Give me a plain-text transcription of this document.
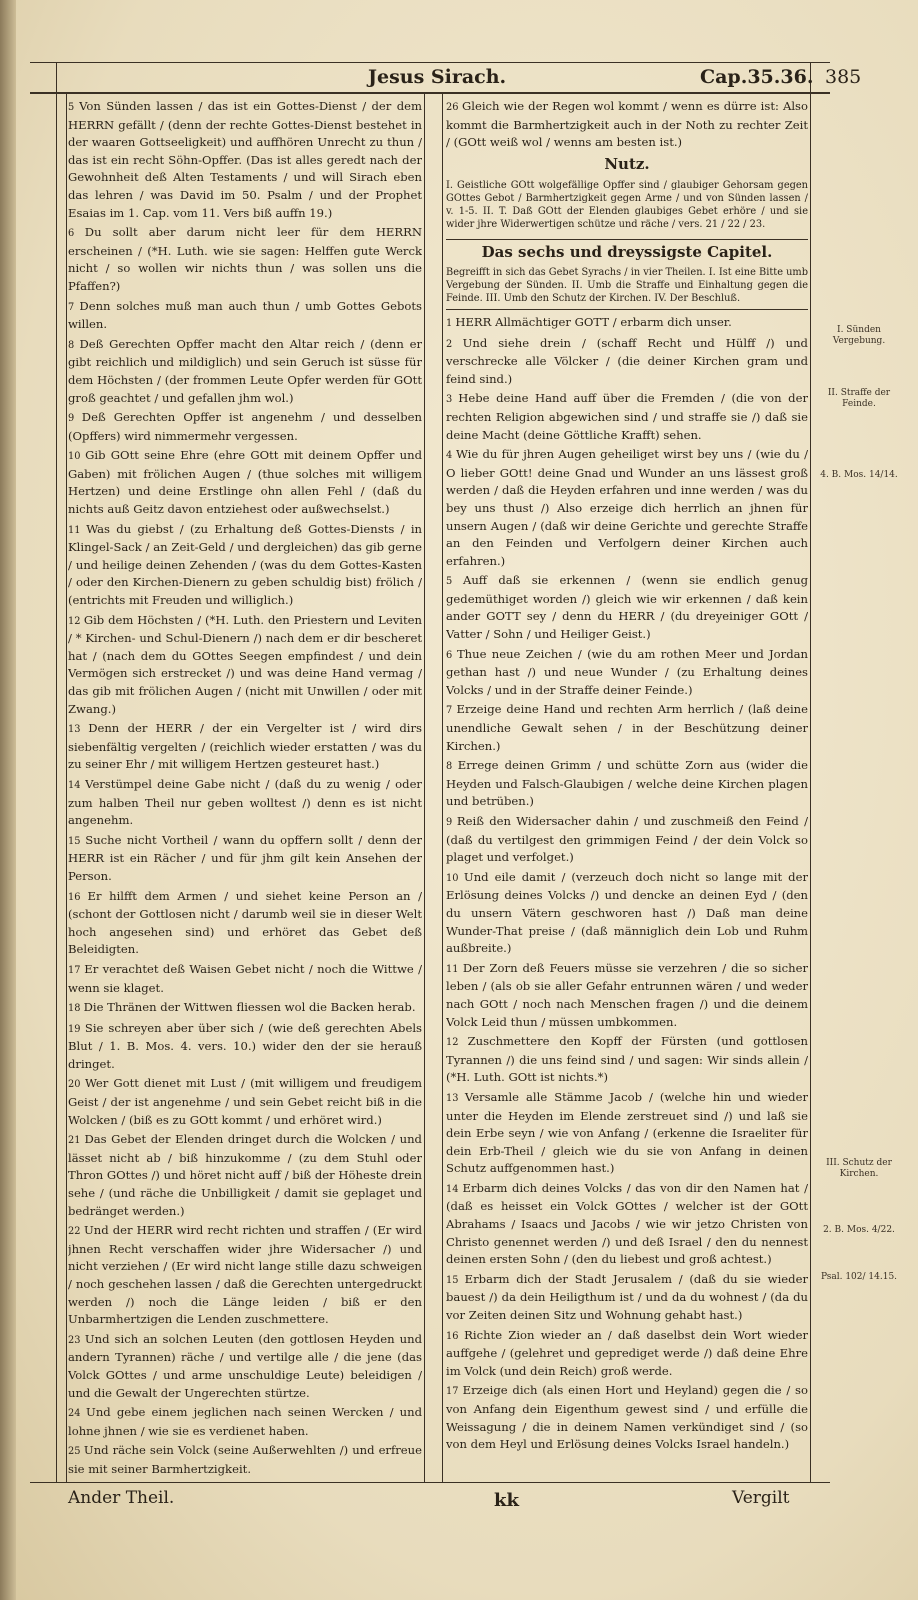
Jesus Sirach.	Cap.35.36. 385

5 Von Sünden lassen / das ist ein Gottes-Dienst / der dem HERRN gefällt / (denn der rechte Gottes-Dienst bestehet in der waaren Gottseeligkeit) und auffhören Unrecht zu thun / das ist ein recht Söhn-Opffer. (Das ist alles geredt nach der Gewohnheit deß Alten Testaments / und will Sirach eben das lehren / was David im 50. Psalm / und der Prophet Esaias im 1. Cap. vom 11. Vers biß auffn 19.)

6 Du sollt aber darum nicht leer für dem HERRN erscheinen / (*H. Luth. wie sie sagen: Helffen gute Werck nicht / so wollen wir nichts thun / was sollen uns die Pfaffen?)

7 Denn solches muß man auch thun / umb Gottes Gebots willen.

8 Deß Gerechten Opffer macht den Altar reich / (denn er gibt reichlich und mildiglich) und sein Geruch ist süsse für dem Höchsten / (der frommen Leute Opfer werden für GOtt groß geachtet / und gefallen jhm wol.)

9 Deß Gerechten Opffer ist angenehm / und desselben (Opffers) wird nimmermehr vergessen.

10 Gib GOtt seine Ehre (ehre GOtt mit deinem Opffer und Gaben) mit frölichen Augen / (thue solches mit willigem Hertzen) und deine Erstlinge ohn allen Fehl / (daß du nichts auß Geitz davon entziehest oder außwechselst.)

11 Was du giebst / (zu Erhaltung deß Gottes-Diensts / in Klingel-Sack / an Zeit-Geld / und dergleichen) das gib gerne / und heilige deinen Zehenden / (was du dem Gottes-Kasten / oder den Kirchen-Dienern zu geben schuldig bist) frölich / (entrichts mit Freuden und williglich.)

12 Gib dem Höchsten / (*H. Luth. den Priestern und Leviten / * Kirchen- und Schul-Dienern /) nach dem er dir bescheret hat / (nach dem du GOttes Seegen empfindest / und dein Vermögen sich erstrecket /) und was deine Hand vermag / das gib mit frölichen Augen / (nicht mit Unwillen / oder mit Zwang.)

13 Denn der HERR / der ein Vergelter ist / wird dirs siebenfältig vergelten / (reichlich wieder erstatten / was du zu seiner Ehr / mit willigem Hertzen gesteuret hast.)

14 Verstümpel deine Gabe nicht / (daß du zu wenig / oder zum halben Theil nur geben wolltest /) denn es ist nicht angenehm.

15 Suche nicht Vortheil / wann du opffern sollt / denn der HERR ist ein Rächer / und für jhm gilt kein Ansehen der Person.

16 Er hilfft dem Armen / und siehet keine Person an / (schont der Gottlosen nicht / darumb weil sie in dieser Welt hoch angesehen sind) und erhöret das Gebet deß Beleidigten.

17 Er verachtet deß Waisen Gebet nicht / noch die Wittwe / wenn sie klaget.

18 Die Thränen der Wittwen fliessen wol die Backen herab.

19 Sie schreyen aber über sich / (wie deß gerechten Abels Blut / 1. B. Mos. 4. vers. 10.) wider den der sie herauß dringet.

20 Wer Gott dienet mit Lust / (mit willigem und freudigem Geist / der ist angenehme / und sein Gebet reicht biß in die Wolcken / (biß es zu GOtt kommt / und erhöret wird.)

21 Das Gebet der Elenden dringet durch die Wolcken / und lässet nicht ab / biß hinzukomme / (zu dem Stuhl oder Thron GOttes /) und höret nicht auff / biß der Höheste drein sehe / (und räche die Unbilligkeit / damit sie geplaget und bedränget werden.)

22 Und der HERR wird recht richten und straffen / (Er wird jhnen Recht verschaffen wider jhre Widersacher /) und nicht verziehen / (Er wird nicht lange stille dazu schweigen / noch geschehen lassen / daß die Gerechten untergedruckt werden /) noch die Länge leiden / biß er den Unbarmhertzigen die Lenden zuschmettere.

23 Und sich an solchen Leuten (den gottlosen Heyden und andern Tyrannen) räche / und vertilge alle / die jene (das Volck GOttes / und arme unschuldige Leute) beleidigen / und die Gewalt der Ungerechten stürtze.

24 Und gebe einem jeglichen nach seinen Wercken / und lohne jhnen / wie sie es verdienet haben.

25 Und räche sein Volck (seine Außerwehlten /) und erfreue sie mit seiner Barmhertzigkeit.

26 Gleich wie der Regen wol kommt / wenn es dürre ist: Also kommt die Barmhertzigkeit auch in der Noth zu rechter Zeit / (GOtt weiß wol / wenns am besten ist.)

Nutz.
I. Geistliche GOtt wolgefällige Opffer sind / glaubiger Gehorsam gegen GOttes Gebot / Barmhertzigkeit gegen Arme / und von Sünden lassen / v. 1-5. II. T. Daß GOtt der Elenden glaubiges Gebet erhöre / und sie wider jhre Widerwertigen schütze und räche / vers. 21 / 22 / 23.
Das sechs und dreyssigste Capitel.
Begreifft in sich das Gebet Syrachs / in vier Theilen. I. Ist eine Bitte umb Vergebung der Sünden. II. Umb die Straffe und Einhaltung gegen die Feinde. III. Umb den Schutz der Kirchen. IV. Der Beschluß.

1 HERR Allmächtiger GOTT / erbarm dich unser.

2 Und siehe drein / (schaff Recht und Hülff /) und verschrecke alle Völcker / (die deiner Kirchen gram und feind sind.)

3 Hebe deine Hand auff über die Fremden / (die von der rechten Religion abgewichen sind / und straffe sie /) daß sie deine Macht (deine Göttliche Krafft) sehen.

4 Wie du für jhren Augen geheiliget wirst bey uns / (wie du / O lieber GOtt! deine Gnad und Wunder an uns lässest groß werden / daß die Heyden erfahren und inne werden / was du bey uns thust /) Also erzeige dich herrlich an jhnen für unsern Augen / (daß wir deine Gerichte und gerechte Straffe an den Feinden und Verfolgern deiner Kirchen auch erfahren.)

5 Auff daß sie erkennen / (wenn sie endlich genug gedemüthiget worden /) gleich wie wir erkennen / daß kein ander GOTT sey / denn du HERR / (du dreyeiniger GOtt / Vatter / Sohn / und Heiliger Geist.)

6 Thue neue Zeichen / (wie du am rothen Meer und Jordan gethan hast /) und neue Wunder / (zu Erhaltung deines Volcks / und in der Straffe deiner Feinde.)

7 Erzeige deine Hand und rechten Arm herrlich / (laß deine unendliche Gewalt sehen / in der Beschützung deiner Kirchen.)

8 Errege deinen Grimm / und schütte Zorn aus (wider die Heyden und Falsch-Glaubigen / welche deine Kirchen plagen und betrüben.)

9 Reiß den Widersacher dahin / und zuschmeiß den Feind / (daß du vertilgest den grimmigen Feind / der dein Volck so plaget und verfolget.)

10 Und eile damit / (verzeuch doch nicht so lange mit der Erlösung deines Volcks /) und dencke an deinen Eyd / (den du unsern Vätern geschworen hast /) Daß man deine Wunder-That preise / (daß männiglich dein Lob und Ruhm außbreite.)

11 Der Zorn deß Feuers müsse sie verzehren / die so sicher leben / (als ob sie aller Gefahr entrunnen wären / und weder nach GOtt / noch nach Menschen fragen /) und die deinem Volck Leid thun / müssen umbkommen.

12 Zuschmettere den Kopff der Fürsten (und gottlosen Tyrannen /) die uns feind sind / und sagen: Wir sinds allein / (*H. Luth. GOtt ist nichts.*)

13 Versamle alle Stämme Jacob / (welche hin und wieder unter die Heyden im Elende zerstreuet sind /) und laß sie dein Erbe seyn / wie von Anfang / (erkenne die Israeliter für dein Erb-Theil / gleich wie du sie von Anfang in deinen Schutz auffgenommen hast.)

14 Erbarm dich deines Volcks / das von dir den Namen hat / (daß es heisset ein Volck GOttes / welcher ist der GOtt Abrahams / Isaacs und Jacobs / wie wir jetzo Christen von Christo genennet werden /) und deß Israel / den du nennest deinen ersten Sohn / (den du liebest und groß achtest.)

15 Erbarm dich der Stadt Jerusalem / (daß du sie wieder bauest /) da dein Heiligthum ist / und da du wohnest / (da du vor Zeiten deinen Sitz und Wohnung gehabt hast.)

16 Richte Zion wieder an / daß daselbst dein Wort wieder auffgehe / (gelehret und geprediget werde /) daß deine Ehre im Volck (und dein Reich) groß werde.

17 Erzeige dich (als einen Hort und Heyland) gegen die / so von Anfang dein Eigenthum gewest sind / und erfülle die Weissagung / die in deinem Namen verkündiget sind / (so von dem Heyl und Erlösung deines Volcks Israel handeln.)

I. Sünden Vergebung.
II. Straffe der Feinde.
4. B. Mos. 14/14.
III. Schutz der Kirchen.
2. B. Mos. 4/22.
Psal. 102/ 14.15.
Ander Theil.	kk	Vergilt
